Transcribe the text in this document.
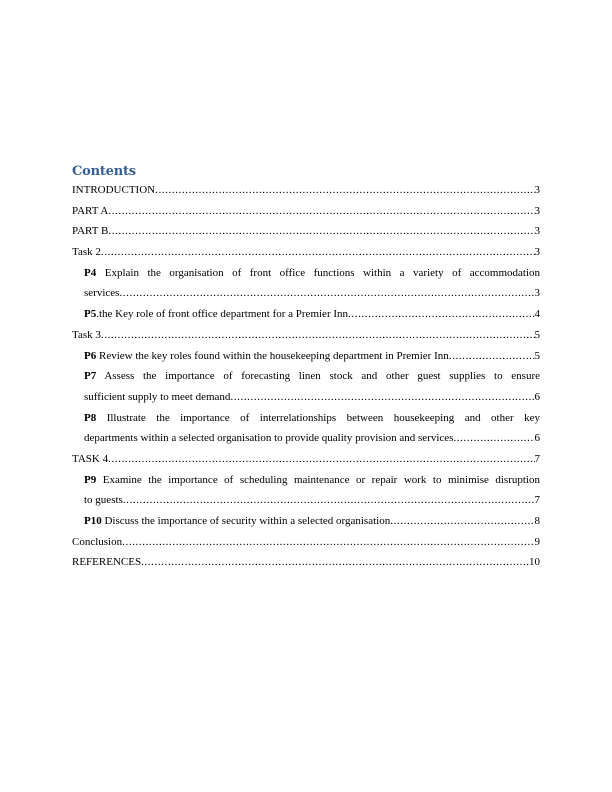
Contents
INTRODUCTION .....	3
PART A .....	3
PART B .....	3
Task 2 .....	3
P4 Explain the organisation of front office functions within a variety of accommodation
services .....	3
P5.the Key role of front office department for a Premier Inn .....	4
Task 3 .....	5
P6 Review the key roles found within the housekeeping department in Premier Inn .....	5
P7 Assess the importance of forecasting linen stock and other guest supplies to ensure
sufficient supply to meet demand .....	6
P8 Illustrate the importance of interrelationships between housekeeping and other key
departments within a selected organisation to provide quality provision and services .....	6
TASK 4 .....	7
P9 Examine the importance of scheduling maintenance or repair work to minimise disruption
to guests .....	7
P10 Discuss the importance of security within a selected organisation .....	8
Conclusion .....	9
REFERENCES .....	10
